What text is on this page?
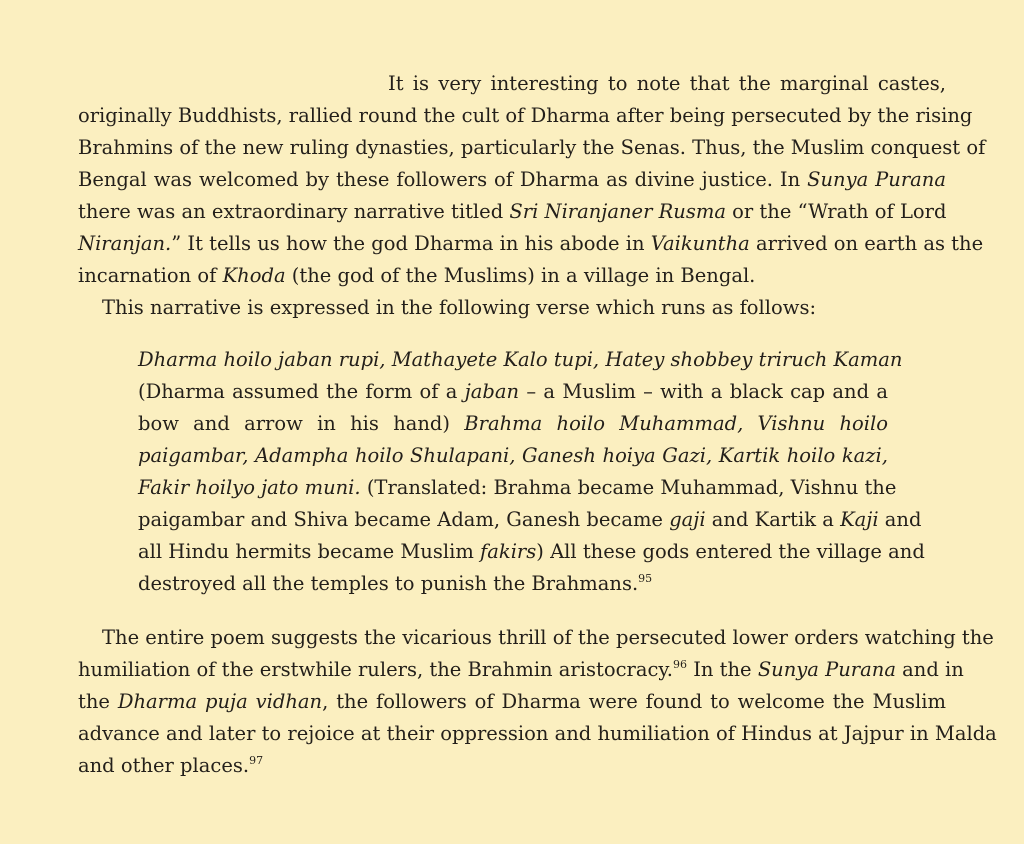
It is very interesting to note that the marginal castes,
originally Buddhists, rallied round the cult of Dharma after being persecuted by the rising
Brahmins of the new ruling dynasties, particularly the Senas. Thus, the Muslim conquest of
Bengal was welcomed by these followers of Dharma as divine justice. In Sunya Purana
there was an extraordinary narrative titled Sri Niranjaner Rusma or the “Wrath of Lord
Niranjan.” It tells us how the god Dharma in his abode in Vaikuntha arrived on earth as the
incarnation of Khoda (the god of the Muslims) in a village in Bengal.
This narrative is expressed in the following verse which runs as follows:
Dharma hoilo jaban rupi, Mathayete Kalo tupi, Hatey shobbey triruch Kaman
(Dharma assumed the form of a jaban – a Muslim – with a black cap and a
bow and arrow in his hand) Brahma hoilo Muhammad, Vishnu hoilo
paigambar, Adampha hoilo Shulapani, Ganesh hoiya Gazi, Kartik hoilo kazi,
Fakir hoilyo jato muni. (Translated: Brahma became Muhammad, Vishnu the
paigambar and Shiva became Adam, Ganesh became gaji and Kartik a Kaji and
all Hindu hermits became Muslim fakirs) All these gods entered the village and
destroyed all the temples to punish the Brahmans.$^{95}$
The entire poem suggests the vicarious thrill of the persecuted lower orders watching the
humiliation of the erstwhile rulers, the Brahmin aristocracy.$^{96}$ In the Sunya Purana and in
the Dharma puja vidhan, the followers of Dharma were found to welcome the Muslim
advance and later to rejoice at their oppression and humiliation of Hindus at Jajpur in Malda
and other places.$^{97}$
